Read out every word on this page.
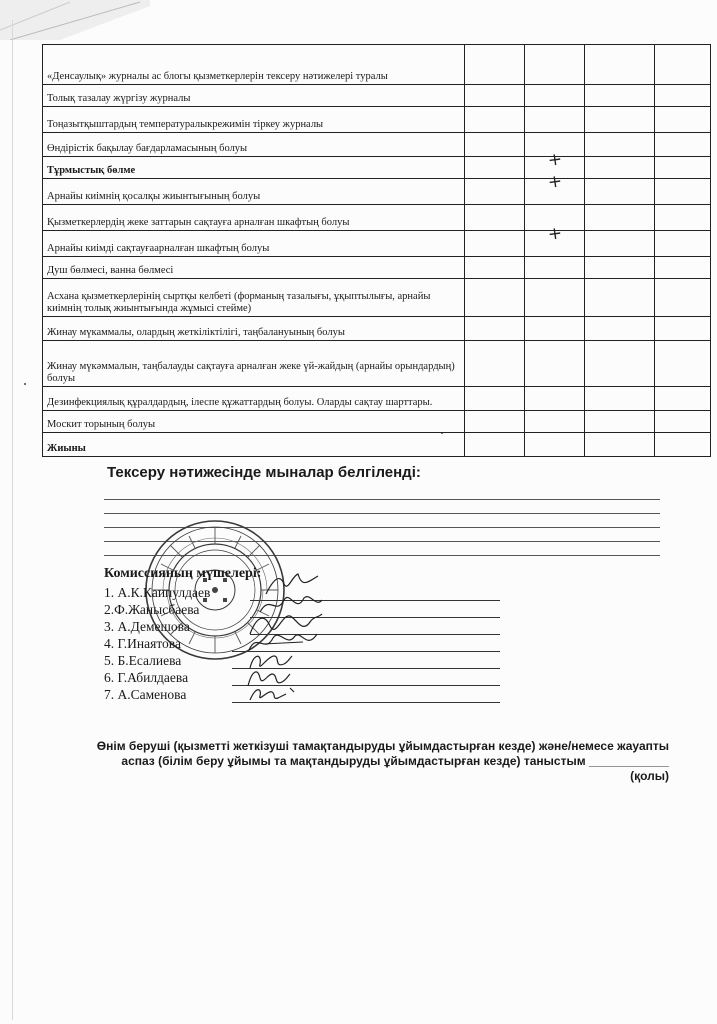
«Денсаулық» журналы ас блогы қызметкерлерін тексеру нәтижелері туралы				
Толық тазалау жүргізу журналы				
Тоңазытқыштардың температуралыкрежимін тіркеу журналы				
Өндірістік бақылау бағдарламасының болуы		+		

Тұрмыстық бөлме		+		

Арнайы киімнің қосалқы жиынтығының болуы				
Қызметкерлердің жеке заттарын сақтауға арналған шкафтың болуы		+		

Арнайы киімді сақтауғаарналған шкафтың болуы				
Душ бөлмесі, ванна бөлмесі				
Асхана қызметкерлерінің сыртқы келбеті (форманың тазалығы, ұқыптылығы, арнайы киімнің толық жиынтығында жұмысі стейме)				
Жинау мүкаммалы, олардың жеткіліктілігі, таңбалануының болуы				
Жинау мүкәммалын, таңбалауды сақтауға арналған жеке үй-жайдың (арнайы орындардың) болуы				
Дезинфекциялық құралдардың, ілеспе құжаттардың болуы. Оларды сақтау шарттары.				
Москит торының болуы				
Жиыны				
Тексеру нәтижесінде мыналар белгіленді:
Комиссияның мүшелері:
1. А.К.Каипулдаев
2.Ф.Жанысбаева
3. А.Демешова
4. Г.Инаятова
5. Б.Есалиева
6. Г.Абилдаева
7. А.Саменова
Өнім беруші (қызметті жеткізуші тамақтандыруды ұйымдастырған кезде) және/немесе жауапты
аспаз (білім беру ұйымы та мақтандыруды ұйымдастырған кезде) таныстым ____________
(қолы)
